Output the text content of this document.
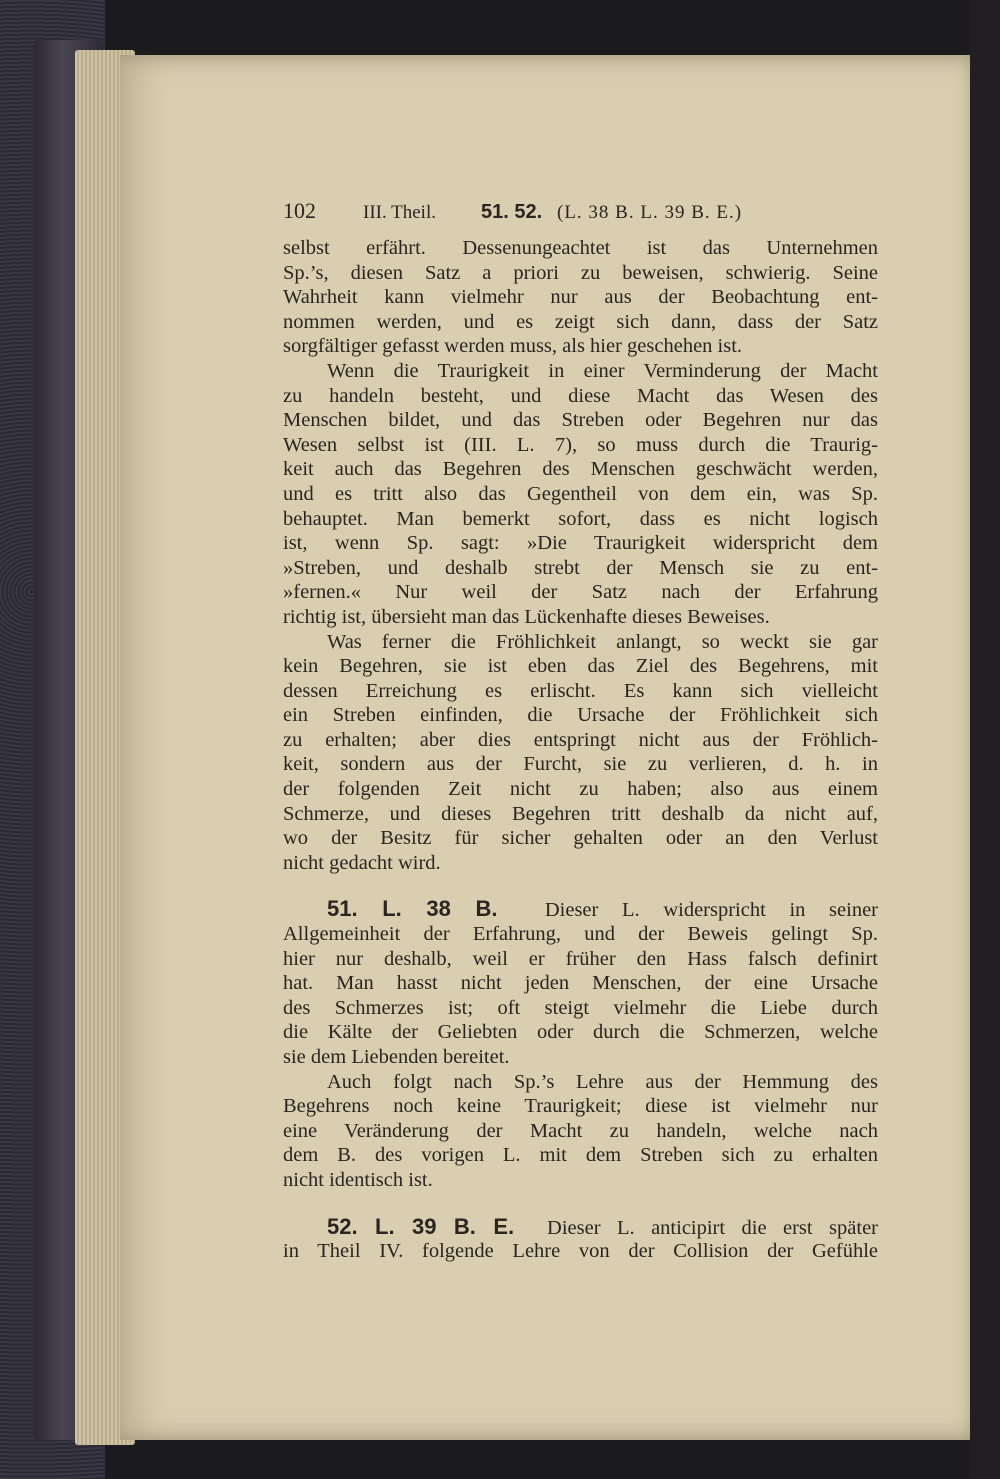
102	III. Theil.	51. 52. (L. 38 B. L. 39 B. E.)
selbst erfährt. Dessenungeachtet ist das Unternehmen
Sp.’s, diesen Satz a priori zu beweisen, schwierig. Seine
Wahrheit kann vielmehr nur aus der Beobachtung ent-
nommen werden, und es zeigt sich dann, dass der Satz
sorgfältiger gefasst werden muss, als hier geschehen ist.
Wenn die Traurigkeit in einer Verminderung der Macht
zu handeln besteht, und diese Macht das Wesen des
Menschen bildet, und das Streben oder Begehren nur das
Wesen selbst ist (III. L. 7), so muss durch die Traurig-
keit auch das Begehren des Menschen geschwächt werden,
und es tritt also das Gegentheil von dem ein, was Sp.
behauptet. Man bemerkt sofort, dass es nicht logisch
ist, wenn Sp. sagt: »Die Traurigkeit widerspricht dem
»Streben, und deshalb strebt der Mensch sie zu ent-
»fernen.« Nur weil der Satz nach der Erfahrung
richtig ist, übersieht man das Lückenhafte dieses Beweises.
Was ferner die Fröhlichkeit anlangt, so weckt sie gar
kein Begehren, sie ist eben das Ziel des Begehrens, mit
dessen Erreichung es erlischt. Es kann sich vielleicht
ein Streben einfinden, die Ursache der Fröhlichkeit sich
zu erhalten; aber dies entspringt nicht aus der Fröhlich-
keit, sondern aus der Furcht, sie zu verlieren, d. h. in
der folgenden Zeit nicht zu haben; also aus einem
Schmerze, und dieses Begehren tritt deshalb da nicht auf,
wo der Besitz für sicher gehalten oder an den Verlust
nicht gedacht wird.
51. L. 38 B. Dieser L. widerspricht in seiner
Allgemeinheit der Erfahrung, und der Beweis gelingt Sp.
hier nur deshalb, weil er früher den Hass falsch definirt
hat. Man hasst nicht jeden Menschen, der eine Ursache
des Schmerzes ist; oft steigt vielmehr die Liebe durch
die Kälte der Geliebten oder durch die Schmerzen, welche
sie dem Liebenden bereitet.
Auch folgt nach Sp.’s Lehre aus der Hemmung des
Begehrens noch keine Traurigkeit; diese ist vielmehr nur
eine Veränderung der Macht zu handeln, welche nach
dem B. des vorigen L. mit dem Streben sich zu erhalten
nicht identisch ist.
52. L. 39 B. E. Dieser L. anticipirt die erst später
in Theil IV. folgende Lehre von der Collision der Gefühle
